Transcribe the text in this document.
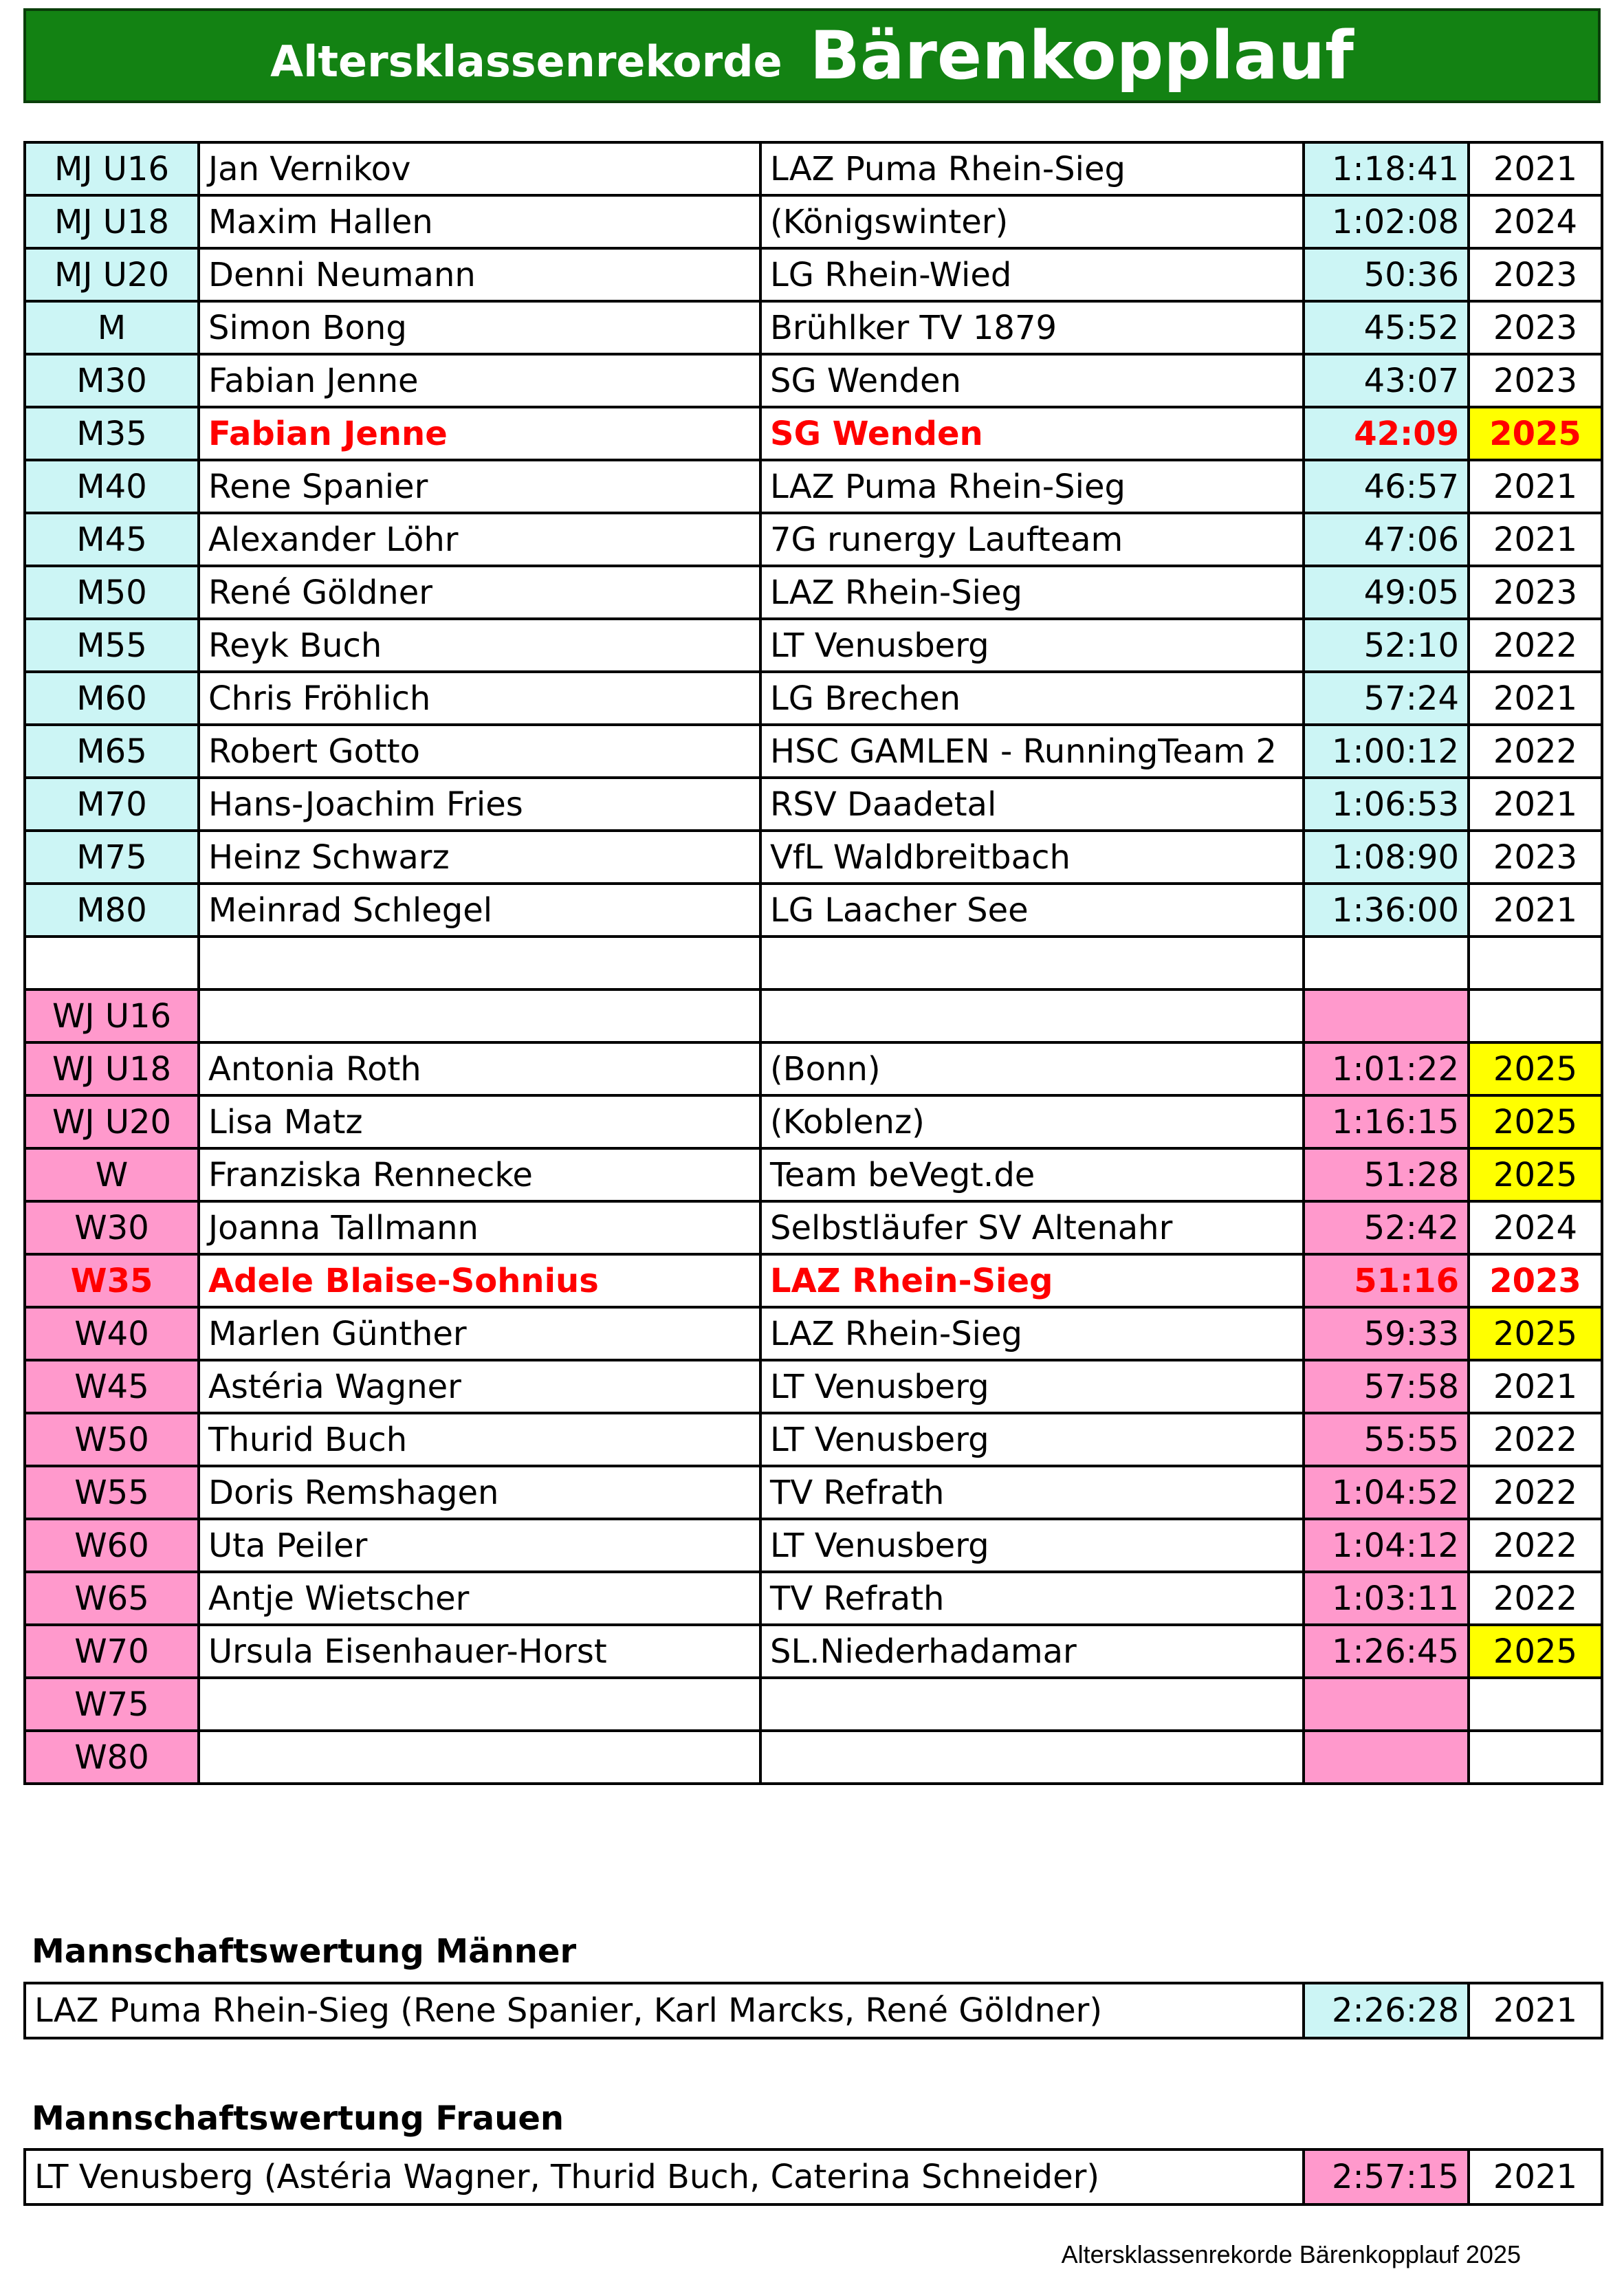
Altersklassenrekorde Bärenkopplauf
MJ U16	Jan Vernikov	LAZ Puma Rhein-Sieg	1:18:41	2021
MJ U18	Maxim Hallen	(Königswinter)	1:02:08	2024
MJ U20	Denni Neumann	LG Rhein-Wied	50:36	2023
M	Simon Bong	Brühlker TV 1879	45:52	2023
M30	Fabian Jenne	SG Wenden	43:07	2023
M35	Fabian Jenne	SG Wenden	42:09	2025
M40	Rene Spanier	LAZ Puma Rhein-Sieg	46:57	2021
M45	Alexander Löhr	7G runergy Laufteam	47:06	2021
M50	René Göldner	LAZ Rhein-Sieg	49:05	2023
M55	Reyk Buch	LT Venusberg	52:10	2022
M60	Chris Fröhlich	LG Brechen	57:24	2021
M65	Robert Gotto	HSC GAMLEN - RunningTeam 2	1:00:12	2022
M70	Hans-Joachim Fries	RSV Daadetal	1:06:53	2021
M75	Heinz Schwarz	VfL Waldbreitbach	1:08:90	2023
M80	Meinrad Schlegel	LG Laacher See	1:36:00	2021

WJ U16				
WJ U18	Antonia Roth	(Bonn)	1:01:22	2025
WJ U20	Lisa Matz	(Koblenz)	1:16:15	2025
W	Franziska Rennecke	Team beVegt.de	51:28	2025
W30	Joanna Tallmann	Selbstläufer SV Altenahr	52:42	2024
W35	Adele Blaise-Sohnius	LAZ Rhein-Sieg	51:16	2023
W40	Marlen Günther	LAZ Rhein-Sieg	59:33	2025
W45	Astéria Wagner	LT Venusberg	57:58	2021
W50	Thurid Buch	LT Venusberg	55:55	2022
W55	Doris Remshagen	TV Refrath	1:04:52	2022
W60	Uta Peiler	LT Venusberg	1:04:12	2022
W65	Antje Wietscher	TV Refrath	1:03:11	2022
W70	Ursula Eisenhauer-Horst	SL.Niederhadamar	1:26:45	2025
W75				
W80				
Mannschaftswertung Männer
LAZ Puma Rhein-Sieg (Rene Spanier, Karl Marcks, René Göldner)	2:26:28	2021
Mannschaftswertung Frauen
LT Venusberg (Astéria Wagner, Thurid Buch, Caterina Schneider)	2:57:15	2021
Altersklassenrekorde Bärenkopplauf 2025
